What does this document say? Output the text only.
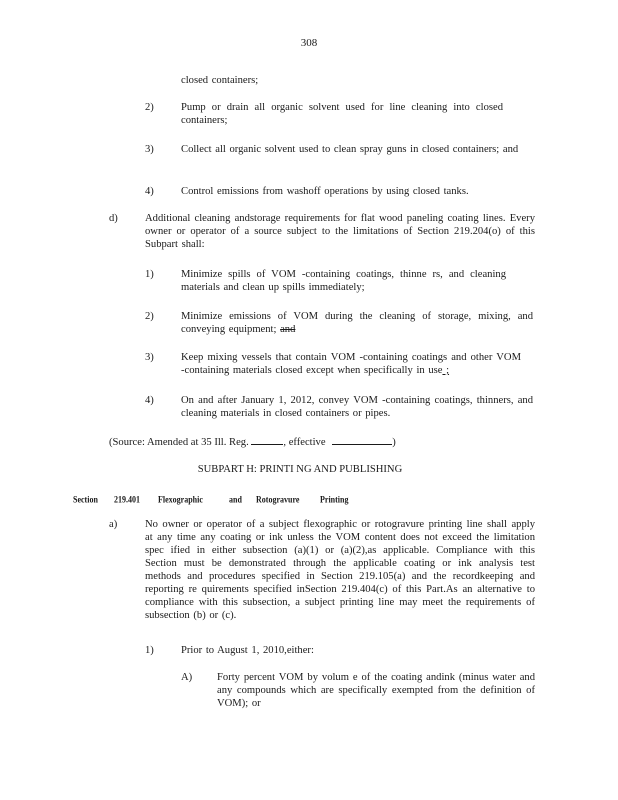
308
closed containers;
2)	Pump or drain all organic solvent used for line cleaning into closed containers;
3)	Collect all organic solvent used to clean spray guns in closed containers; and
4)	Control emissions from washoff operations by using closed tanks.
d)	Additional cleaning andstorage requirements for flat wood paneling coating lines. Every owner or operator of a source subject to the limitations of Section 219.204(o) of this Subpart shall:
1)	Minimize spills of VOM -containing coatings, thinne rs, and cleaning materials and clean up spills immediately;
2)	Minimize emissions of VOM during the cleaning of storage, mixing, and conveying equipment; and
3)	Keep mixing vessels that contain VOM -containing coatings and other VOM -containing materials closed except when specifically in use ;
4)	On and after January 1, 2012, convey VOM -containing coatings, thinners, and cleaning materials in closed containers or pipes.
(Source: Amended at 35 Ill. Reg.	, effective	)
SUBPART H: PRINTI NG AND PUBLISHING
Section 219.401 Flexographic	and Rotogravure	Printing
a)	No owner or operator of a subject flexographic or rotogravure printing line shall apply at any time any coating or ink unless the VOM content does not exceed the limitation spec ified in either subsection (a)(1) or (a)(2),as applicable. Compliance with this Section must be demonstrated through the applicable coating or ink analysis test methods and procedures specified in Section 219.105(a) and the recordkeeping and reporting re quirements specified inSection 219.404(c) of this Part.As an alternative to compliance with this subsection, a subject printing line may meet the requirements of subsection (b) or (c).
1)	Prior to August 1, 2010,either:
A) Forty percent VOM by volum e of the coating andink (minus water and any compounds which are specifically exempted from the definition of VOM); or
